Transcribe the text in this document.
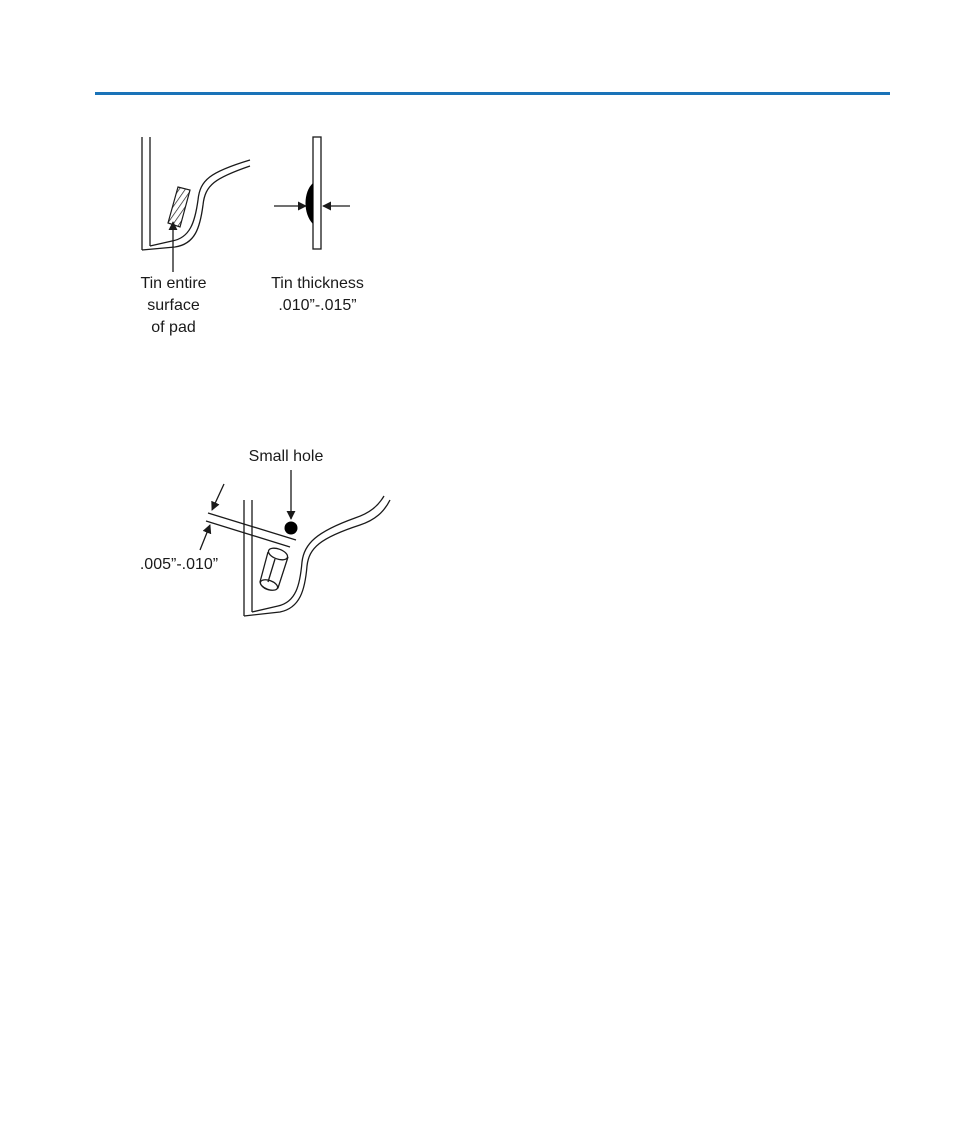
Tin entire
surface
of pad
Tin thickness
.010”-.015”
Small hole
.005”-.010”
